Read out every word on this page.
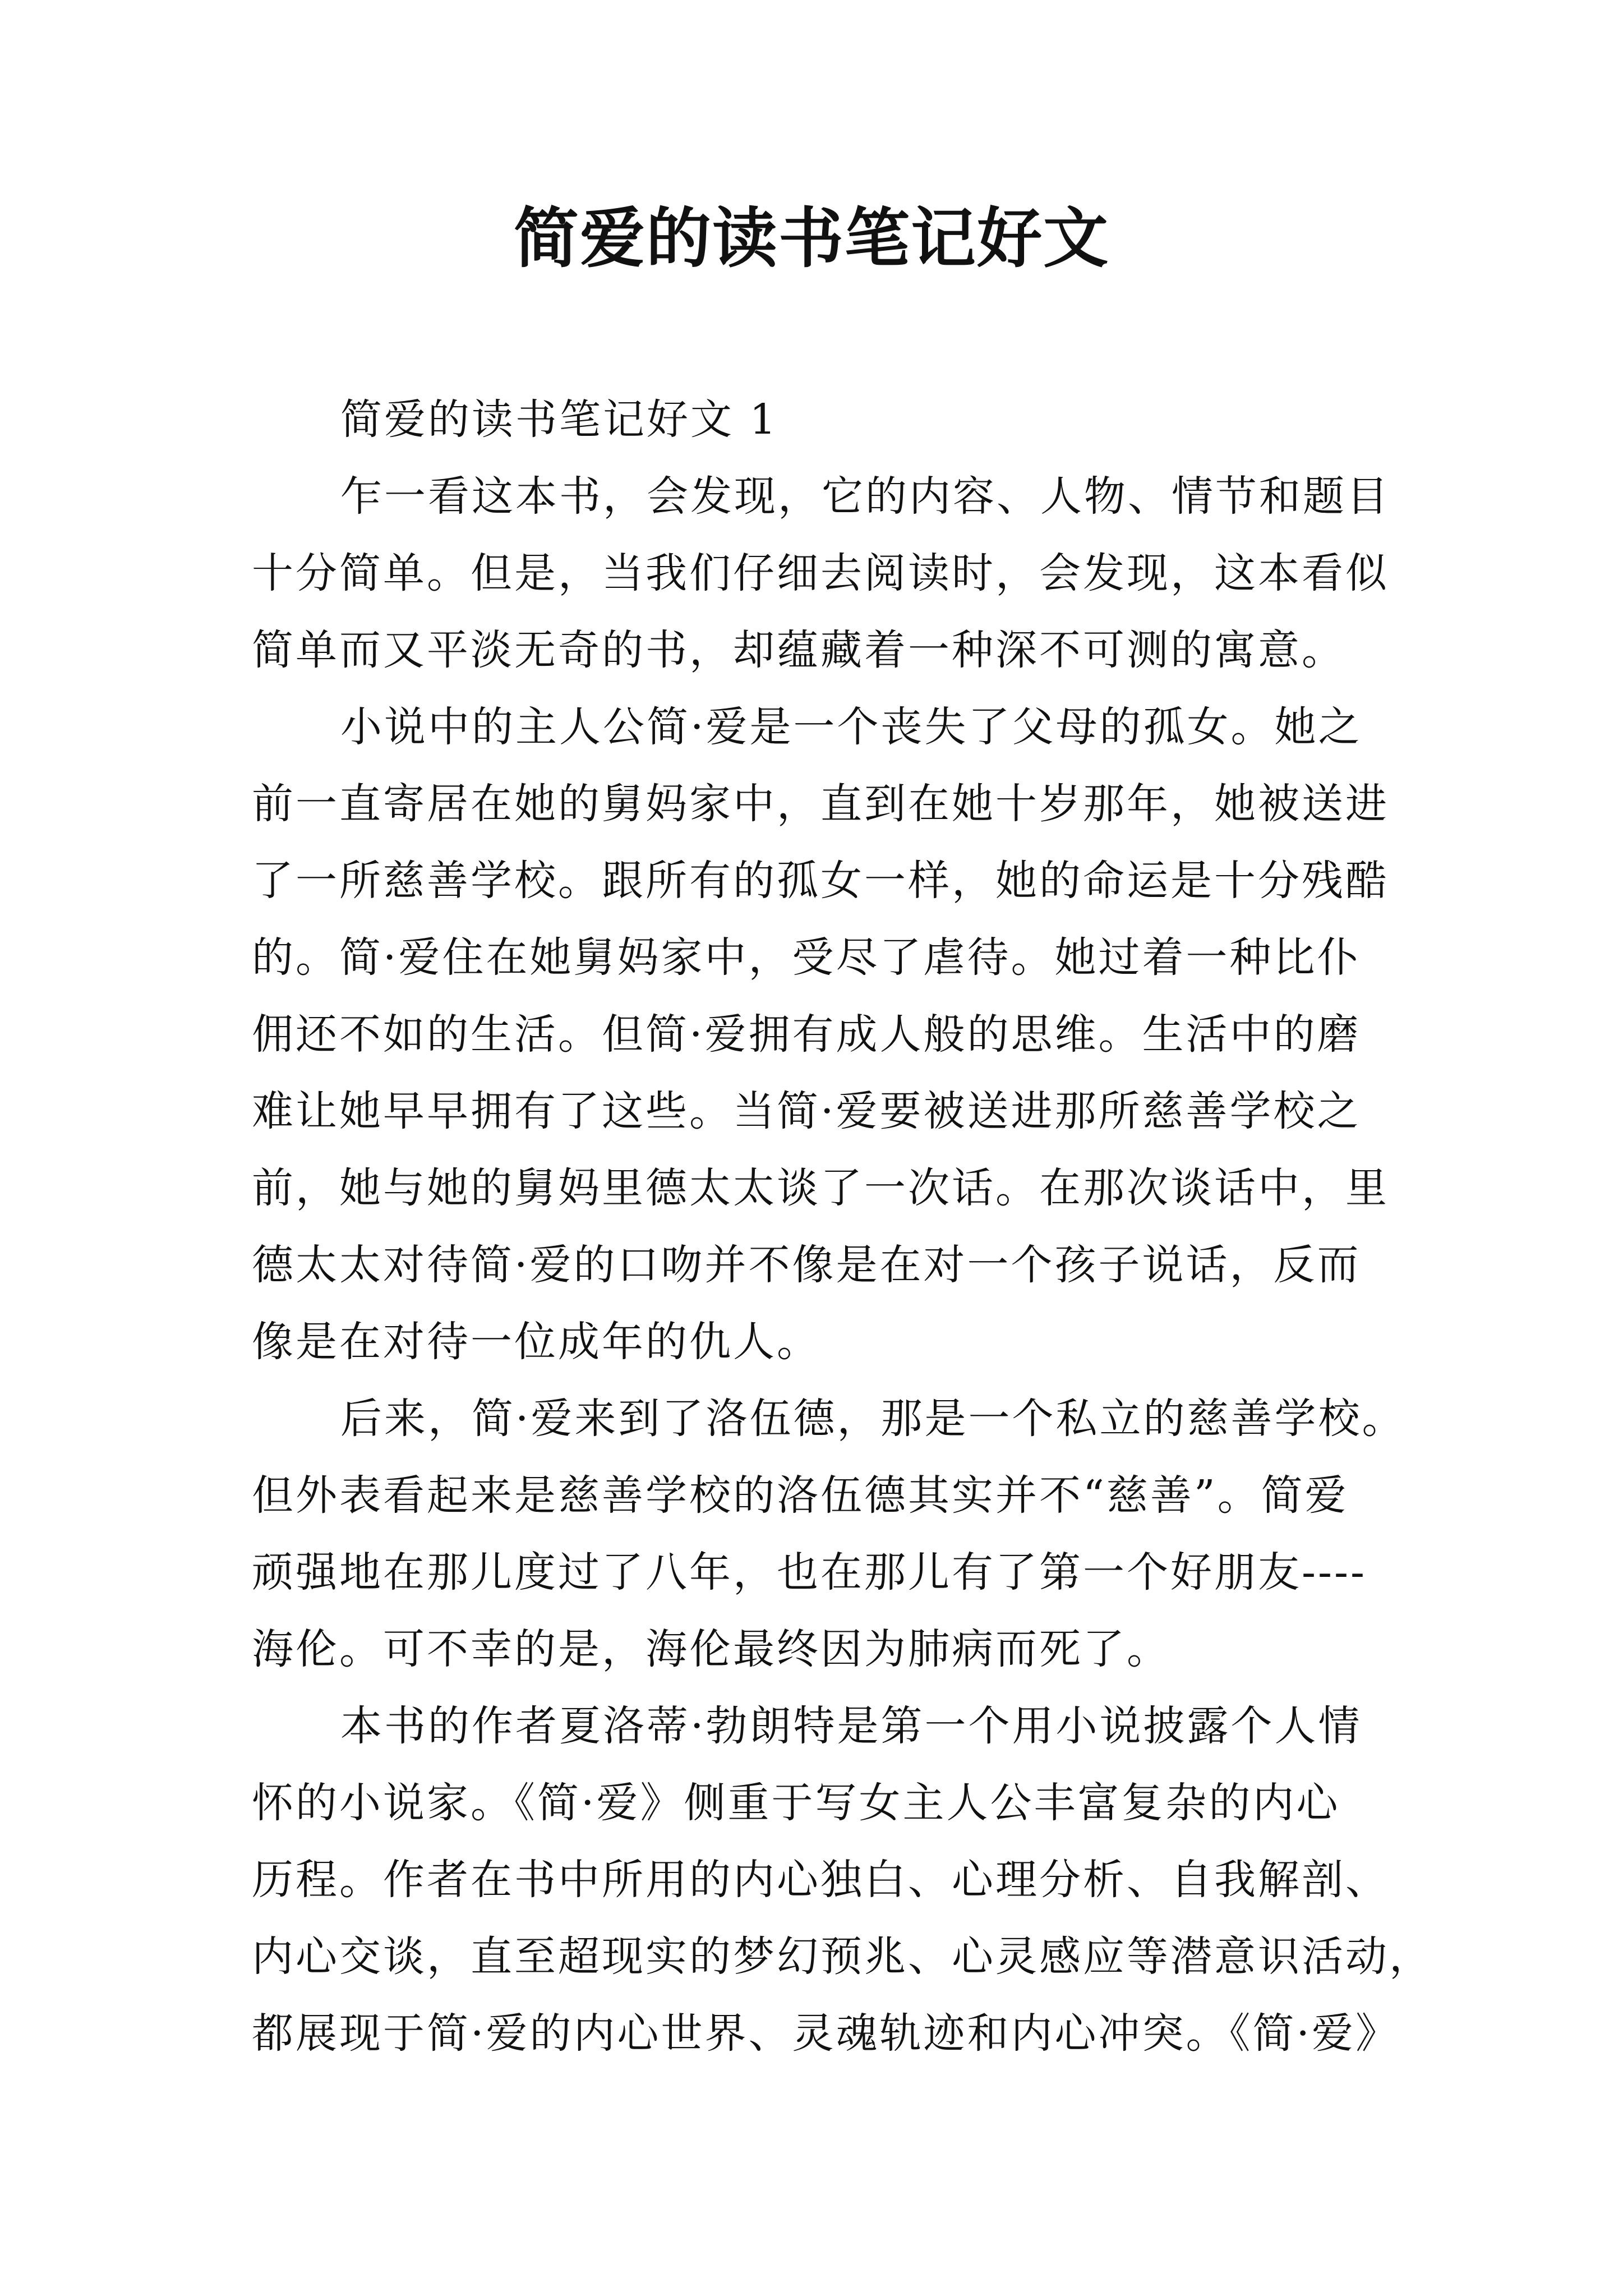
简爱的读书笔记好文
简爱的读书笔记好文 1
乍一看这本书，会发现，它的内容、人物、情节和题目
十分简单。但是，当我们仔细去阅读时，会发现，这本看似
简单而又平淡无奇的书，却蕴藏着一种深不可测的寓意。
小说中的主人公简·爱是一个丧失了父母的孤女。她之
前一直寄居在她的舅妈家中，直到在她十岁那年，她被送进
了一所慈善学校。跟所有的孤女一样，她的命运是十分残酷
的。简·爱住在她舅妈家中，受尽了虐待。她过着一种比仆
佣还不如的生活。但简·爱拥有成人般的思维。生活中的磨
难让她早早拥有了这些。当简·爱要被送进那所慈善学校之
前，她与她的舅妈里德太太谈了一次话。在那次谈话中，里
德太太对待简·爱的口吻并不像是在对一个孩子说话，反而
像是在对待一位成年的仇人。
后来，简·爱来到了洛伍德，那是一个私立的慈善学校。
但外表看起来是慈善学校的洛伍德其实并不“慈善”。简爱
顽强地在那儿度过了八年，也在那儿有了第一个好朋友----
海伦。可不幸的是，海伦最终因为肺病而死了。
本书的作者夏洛蒂·勃朗特是第一个用小说披露个人情
怀的小说家。《简·爱》侧重于写女主人公丰富复杂的内心
历程。作者在书中所用的内心独白、心理分析、自我解剖、
内心交谈，直至超现实的梦幻预兆、心灵感应等潜意识活动，
都展现于简·爱的内心世界、灵魂轨迹和内心冲突。《简·爱》
